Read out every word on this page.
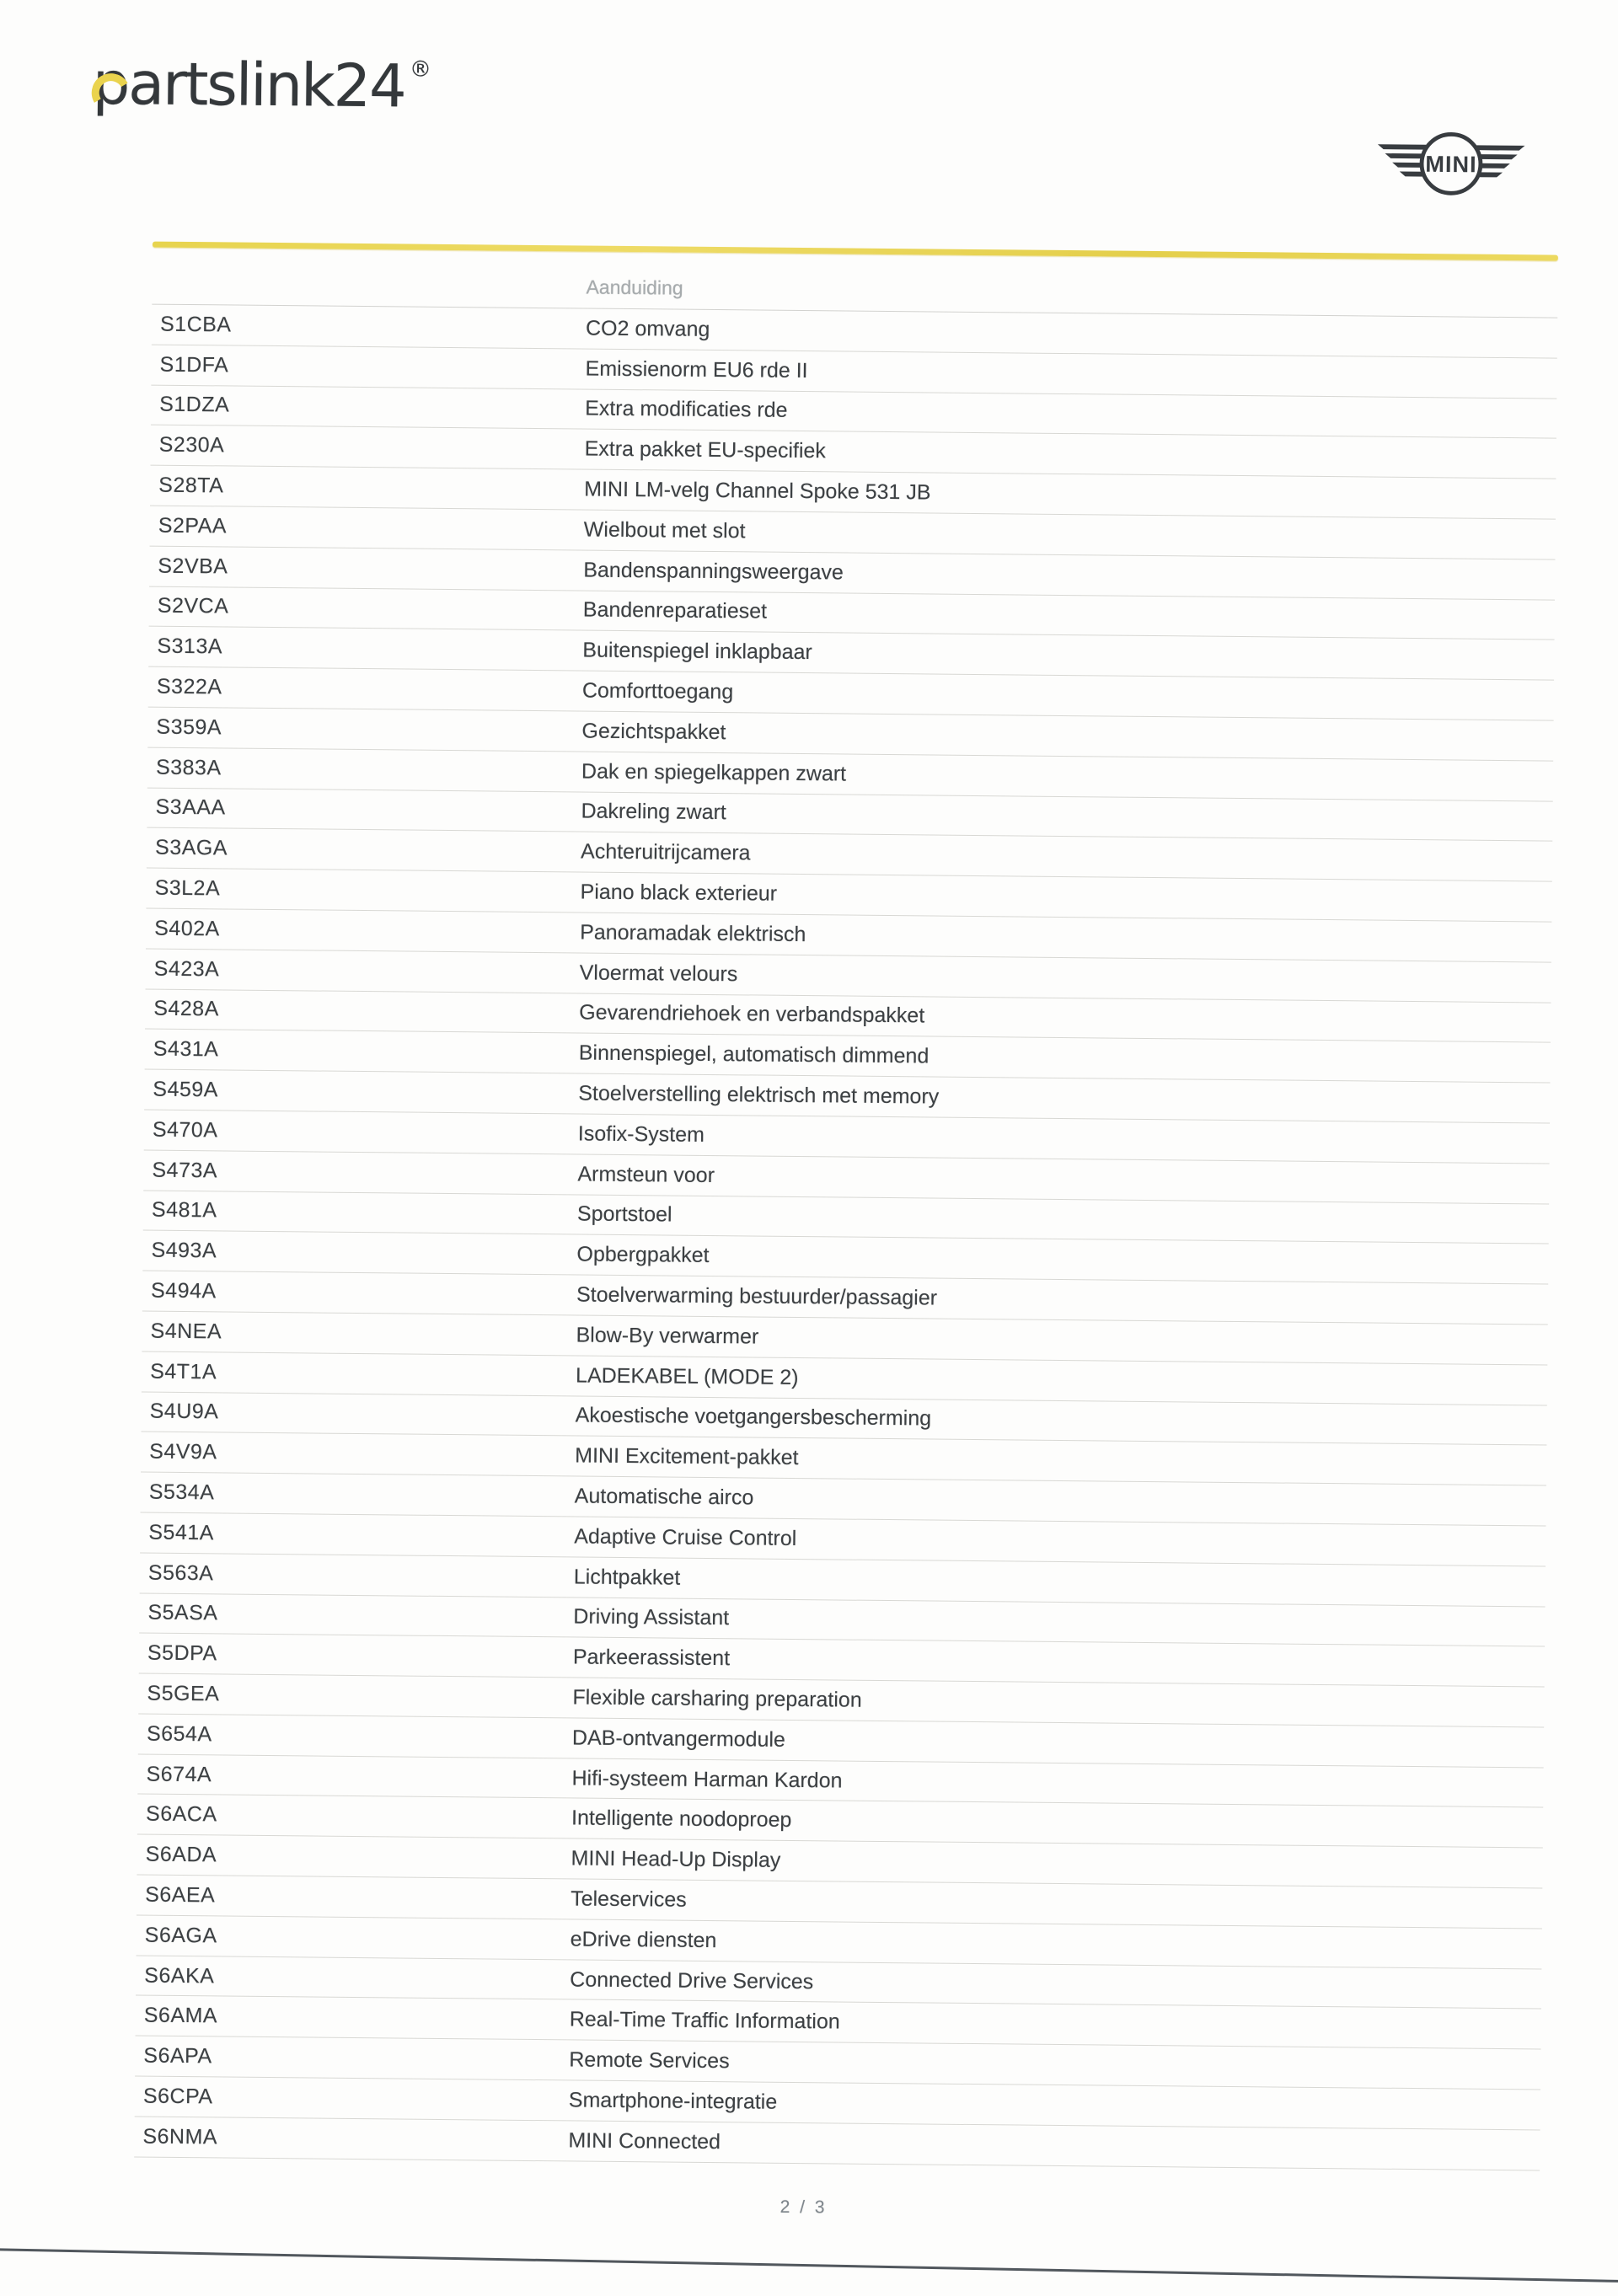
partslink24 ®
MINI
Aanduiding
S1CBA	CO2 omvang
S1DFA	Emissienorm EU6 rde II
S1DZA	Extra modificaties rde
S230A	Extra pakket EU-specifiek
S28TA	MINI LM-velg Channel Spoke 531 JB
S2PAA	Wielbout met slot
S2VBA	Bandenspanningsweergave
S2VCA	Bandenreparatieset
S313A	Buitenspiegel inklapbaar
S322A	Comforttoegang
S359A	Gezichtspakket
S383A	Dak en spiegelkappen zwart
S3AAA	Dakreling zwart
S3AGA	Achteruitrijcamera
S3L2A	Piano black exterieur
S402A	Panoramadak elektrisch
S423A	Vloermat velours
S428A	Gevarendriehoek en verbandspakket
S431A	Binnenspiegel, automatisch dimmend
S459A	Stoelverstelling elektrisch met memory
S470A	Isofix-System
S473A	Armsteun voor
S481A	Sportstoel
S493A	Opbergpakket
S494A	Stoelverwarming bestuurder/passagier
S4NEA	Blow-By verwarmer
S4T1A	LADEKABEL (MODE 2)
S4U9A	Akoestische voetgangersbescherming
S4V9A	MINI Excitement-pakket
S534A	Automatische airco
S541A	Adaptive Cruise Control
S563A	Lichtpakket
S5ASA	Driving Assistant
S5DPA	Parkeerassistent
S5GEA	Flexible carsharing preparation
S654A	DAB-ontvangermodule
S674A	Hifi-systeem Harman Kardon
S6ACA	Intelligente noodoproep
S6ADA	MINI Head-Up Display
S6AEA	Teleservices
S6AGA	eDrive diensten
S6AKA	Connected Drive Services
S6AMA	Real-Time Traffic Information
S6APA	Remote Services
S6CPA	Smartphone-integratie
S6NMA	MINI Connected
2 / 3
